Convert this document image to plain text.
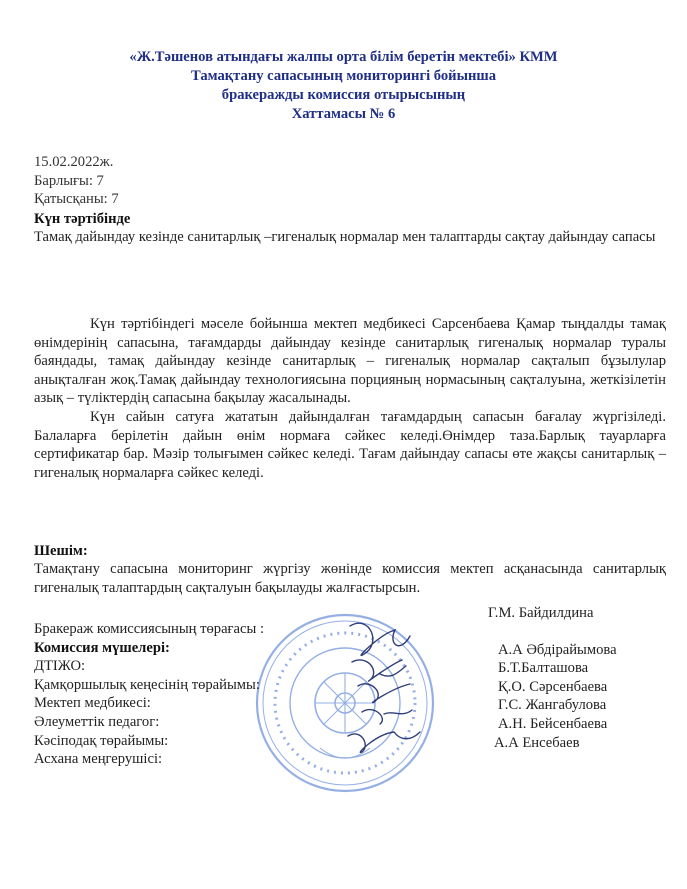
«Ж.Тәшенов атындағы жалпы орта білім беретін мектебі» КММ
Тамақтану сапасының мониторингі бойынша
бракеражды комиссия отырысының
Хаттамасы № 6
15.02.2022ж.
Барлығы: 7
Қатысқаны: 7
Күн тәртібінде
Тамақ дайындау кезінде санитарлық –гигеналық нормалар мен талаптарды сақтау дайындау сапасы

Күн тәртібіндегі мәселе бойынша мектеп медбикесі Сарсенбаева Қамар тыңдалды тамақ өнімдерінің сапасына, тағамдарды дайындау кезінде санитарлық гигеналық нормалар туралы баяндады, тамақ дайындау кезінде санитарлық – гигеналық нормалар сақталып бұзылулар анықталған жоқ.Тамақ дайындау технологиясына порцияның нормасының сақталуына, жеткізілетін азық – түліктердің сапасына бақылау жасалынады.

Күн сайын сатуға жататын дайындалған тағамдардың сапасын бағалау жүргізіледі. Балаларға берілетін дайын өнім нормаға сәйкес келеді.Өнімдер таза.Барлық тауарларға сертификатар бар. Мәзір толығымен сәйкес келеді. Тағам дайындау сапасы өте жақсы санитарлық – гигеналық нормаларға сәйкес келеді.

Шешім:
Тамақтану сапасына мониторинг жүргізу жөнінде комиссия мектеп асқанасында санитарлық гигеналық талаптардың сақталуын бақылауды жалғастырсын.
Бракераж комиссиясының төрағасы :
Комиссия мүшелері:
ДТІЖО:
Қамқоршылық кеңесінің төрайымы:
Мектеп медбикесі:
Әлеуметтік педагог:
Кәсіподақ төрайымы:
Асхана меңгерушісі:
Г.М. Байдилдина
А.А Әбдірайымова
Б.Т.Балташова
Қ.О. Сәрсенбаева
Г.С. Жангабулова
А.Н. Бейсенбаева
А.А Енсебаев
